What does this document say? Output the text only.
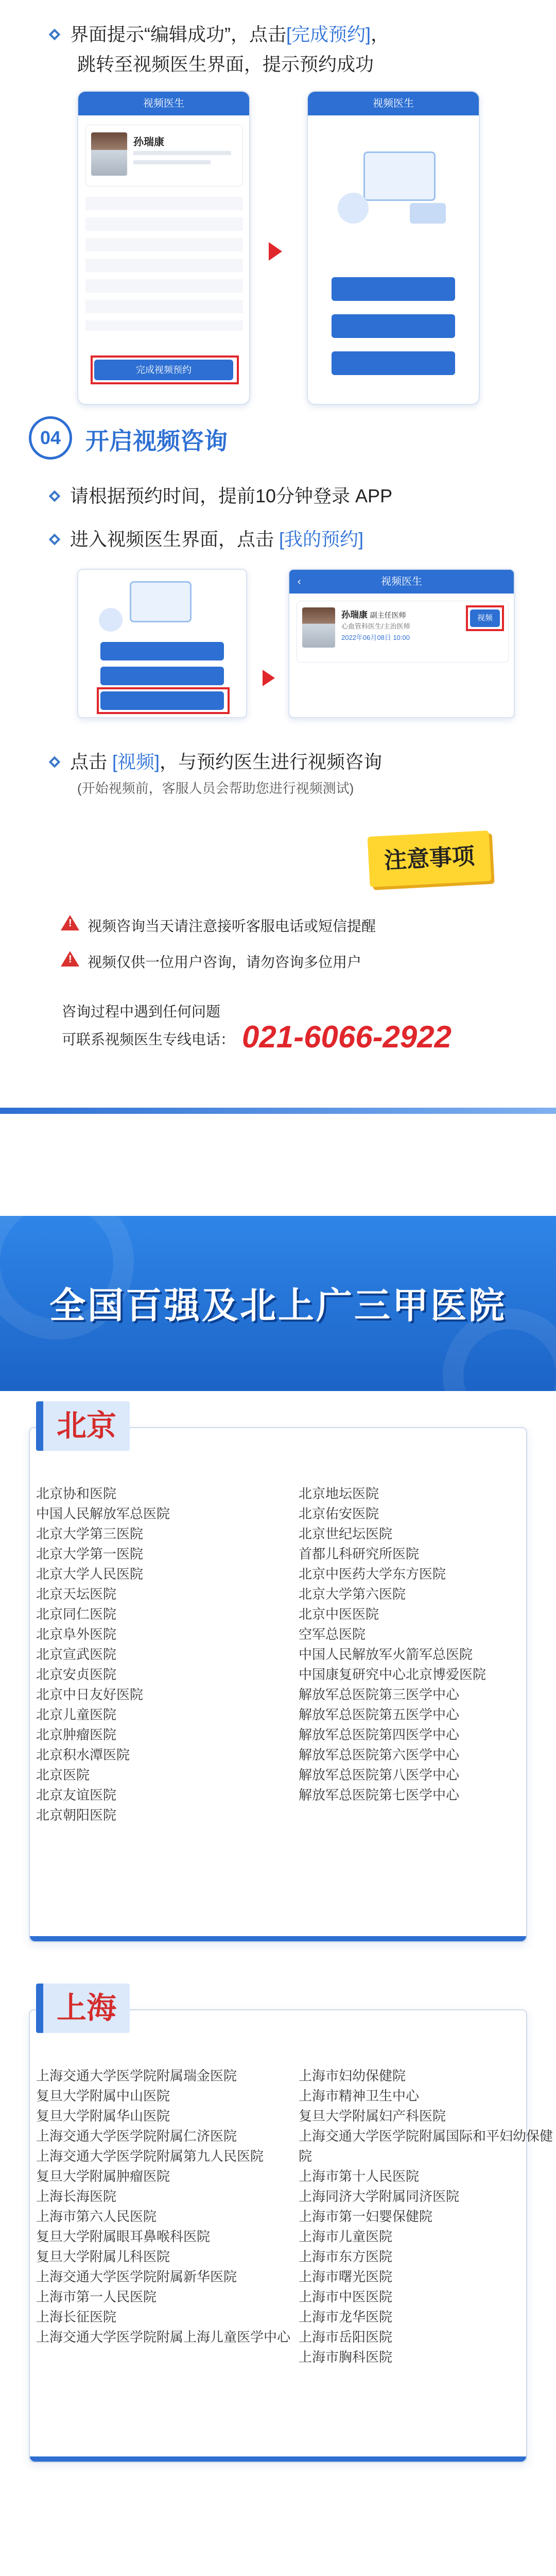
界面提示“编辑成功”，点击[完成预约]，
跳转至视频医生界面，提示预约成功
视频医生
孙瑞康
完成视频预约
视频医生
04	开启视频咨询
请根据预约时间，提前10分钟登录 APP
进入视频医生界面，点击 [我的预约]
‹	视频医生
孙瑞康 副主任医师
心血管科医生/主治医师
2022年06月08日 10:00
视频
点击 [视频]，与预约医生进行视频咨询
(开始视频前，客服人员会帮助您进行视频测试)
注意事项
!
视频咨询当天请注意接听客服电话或短信提醒
!
视频仅供一位用户咨询，请勿咨询多位用户
咨询过程中遇到任何问题
可联系视频医生专线电话： 021-6066-2922
全国百强及北上广三甲医院
北京
北京协和医院
中国人民解放军总医院
北京大学第三医院
北京大学第一医院
北京大学人民医院
北京天坛医院
北京同仁医院
北京阜外医院
北京宣武医院
北京安贞医院
北京中日友好医院
北京儿童医院
北京肿瘤医院
北京积水潭医院
北京医院
北京友谊医院
北京朝阳医院
北京地坛医院
北京佑安医院
北京世纪坛医院
首都儿科研究所医院
北京中医药大学东方医院
北京大学第六医院
北京中医医院
空军总医院
中国人民解放军火箭军总医院
中国康复研究中心北京博爱医院
解放军总医院第三医学中心
解放军总医院第五医学中心
解放军总医院第四医学中心
解放军总医院第六医学中心
解放军总医院第八医学中心
解放军总医院第七医学中心
上海
上海交通大学医学院附属瑞金医院
复旦大学附属中山医院
复旦大学附属华山医院
上海交通大学医学院附属仁济医院
上海交通大学医学院附属第九人民医院
复旦大学附属肿瘤医院
上海长海医院
上海市第六人民医院
复旦大学附属眼耳鼻喉科医院
复旦大学附属儿科医院
上海交通大学医学院附属新华医院
上海市第一人民医院
上海长征医院
上海交通大学医学院附属上海儿童医学中心
上海市妇幼保健院
上海市精神卫生中心
复旦大学附属妇产科医院
上海交通大学医学院附属国际和平妇幼保健院
上海市第十人民医院
上海同济大学附属同济医院
上海市第一妇婴保健院
上海市儿童医院
上海市东方医院
上海市曙光医院
上海市中医医院
上海市龙华医院
上海市岳阳医院
上海市胸科医院
